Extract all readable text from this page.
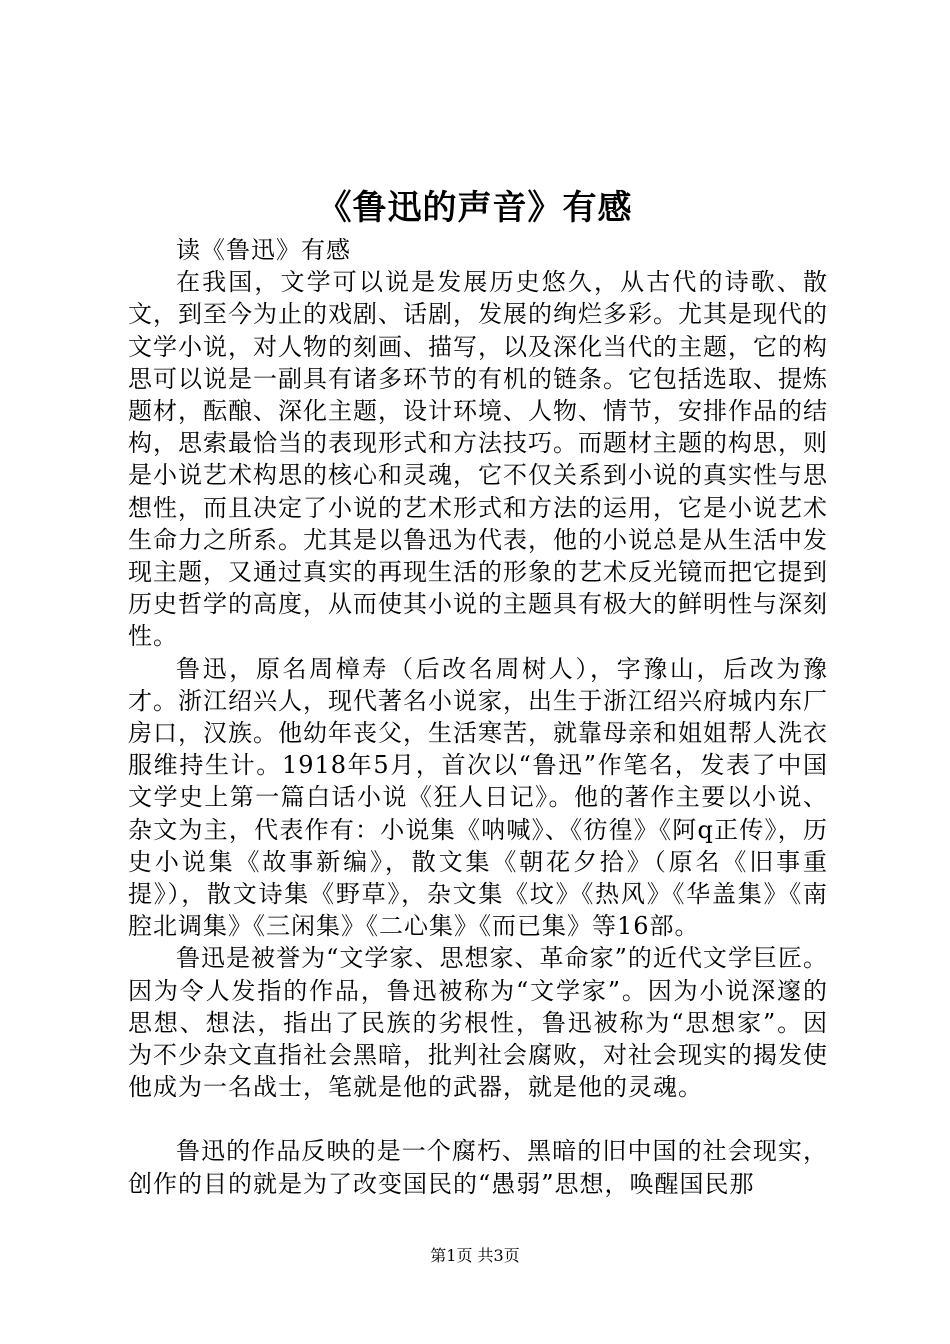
《鲁迅的声音》有感

读《鲁迅》有感

在我国，文学可以说是发展历史悠久，从古代的诗歌、散文，到至今为止的戏剧、话剧，发展的绚烂多彩。尤其是现代的文学小说，对人物的刻画、描写，以及深化当代的主题，它的构思可以说是一副具有诸多环节的有机的链条。它包括选取、提炼题材，酝酿、深化主题，设计环境、人物、情节，安排作品的结构，思索最恰当的表现形式和方法技巧。而题材主题的构思，则是小说艺术构思的核心和灵魂，它不仅关系到小说的真实性与思想性，而且决定了小说的艺术形式和方法的运用，它是小说艺术生命力之所系。尤其是以鲁迅为代表，他的小说总是从生活中发现主题，又通过真实的再现生活的形象的艺术反光镜而把它提到历史哲学的高度，从而使其小说的主题具有极大的鲜明性与深刻性。

鲁迅，原名周樟寿（后改名周树人），字豫山，后改为豫才。浙江绍兴人，现代著名小说家，出生于浙江绍兴府城内东厂房口，汉族。他幼年丧父，生活寒苦，就靠母亲和姐姐帮人洗衣服维持生计。1918年5月，首次以“鲁迅”作笔名，发表了中国文学史上第一篇白话小说《狂人日记》。他的著作主要以小说、杂文为主，代表作有：小说集《呐喊》、《彷徨》《阿q正传》，历史小说集《故事新编》，散文集《朝花夕拾》（原名《旧事重提》），散文诗集《野草》，杂文集《坟》《热风》《华盖集》《南腔北调集》《三闲集》《二心集》《而已集》等16部。

鲁迅是被誉为“文学家、思想家、革命家”的近代文学巨匠。因为令人发指的作品，鲁迅被称为“文学家”。因为小说深邃的思想、想法，指出了民族的劣根性，鲁迅被称为“思想家”。因为不少杂文直指社会黑暗，批判社会腐败，对社会现实的揭发使他成为一名战士，笔就是他的武器，就是他的灵魂。

鲁迅的作品反映的是一个腐朽、黑暗的旧中国的社会现实，创作的目的就是为了改变国民的“愚弱”思想，唤醒国民那

第1页 共3页
